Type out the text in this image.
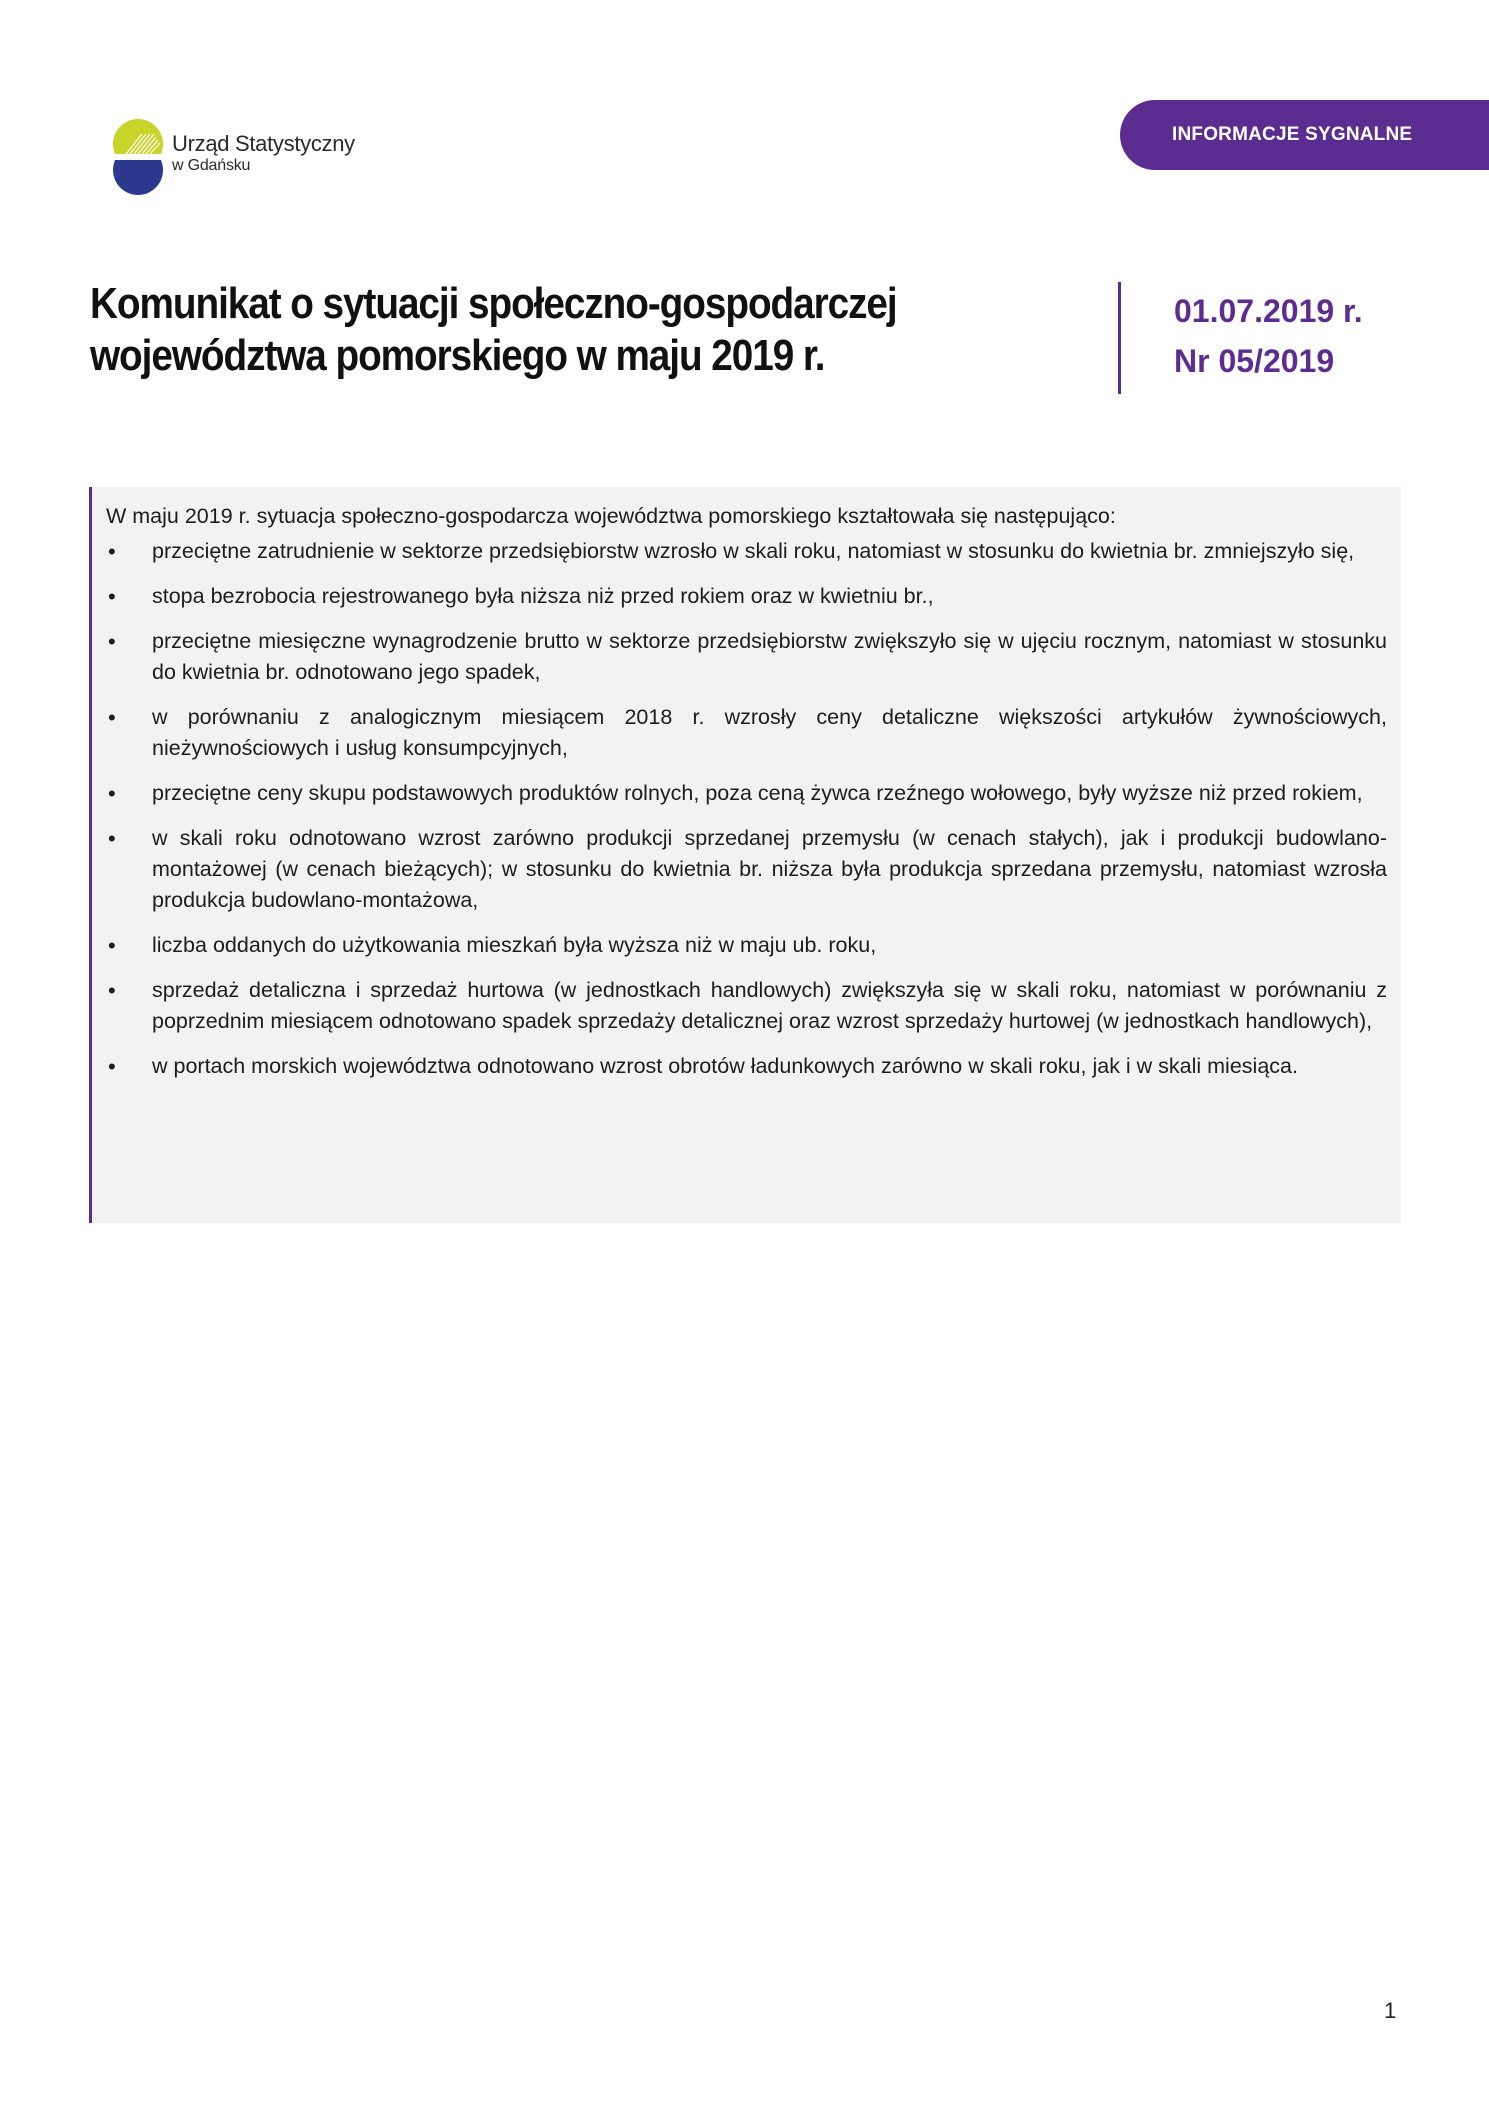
Urząd Statystyczny
w Gdańsku
INFORMACJE SYGNALNE
Komunikat o sytuacji społeczno-gospodarczej
województwa pomorskiego w maju 2019 r.
01.07.2019 r.
Nr 05/2019

W maju 2019 r. sytuacja społeczno-gospodarcza województwa pomorskiego kształtowała się następująco:

• przeciętne zatrudnienie w sektorze przedsiębiorstw wzrosło w skali roku, natomiast w stosunku do kwietnia br. zmniejszyło się,
• stopa bezrobocia rejestrowanego była niższa niż przed rokiem oraz w kwietniu br.,
• przeciętne miesięczne wynagrodzenie brutto w sektorze przedsiębiorstw zwiększyło się w ujęciu rocznym, natomiast w stosunku do kwietnia br. odnotowano jego spadek,
• w porównaniu z analogicznym miesiącem 2018 r. wzrosły ceny detaliczne większości artykułów żywnościowych, nieżywnościowych i usług konsumpcyjnych,
• przeciętne ceny skupu podstawowych produktów rolnych, poza ceną żywca rzeźnego wołowego, były wyższe niż przed rokiem,
• w skali roku odnotowano wzrost zarówno produkcji sprzedanej przemysłu (w cenach stałych), jak i produkcji budowlano-montażowej (w cenach bieżących); w stosunku do kwietnia br. niższa była produkcja sprzedana przemysłu, natomiast wzrosła produkcja budowlano-montażowa,
• liczba oddanych do użytkowania mieszkań była wyższa niż w maju ub. roku,
• sprzedaż detaliczna i sprzedaż hurtowa (w jednostkach handlowych) zwiększyła się w skali roku, natomiast w porównaniu z poprzednim miesiącem odnotowano spadek sprzedaży detalicznej oraz wzrost sprzedaży hurtowej (w jednostkach handlowych),
• w portach morskich województwa odnotowano wzrost obrotów ładunkowych zarówno w skali roku, jak i w skali miesiąca.
1
